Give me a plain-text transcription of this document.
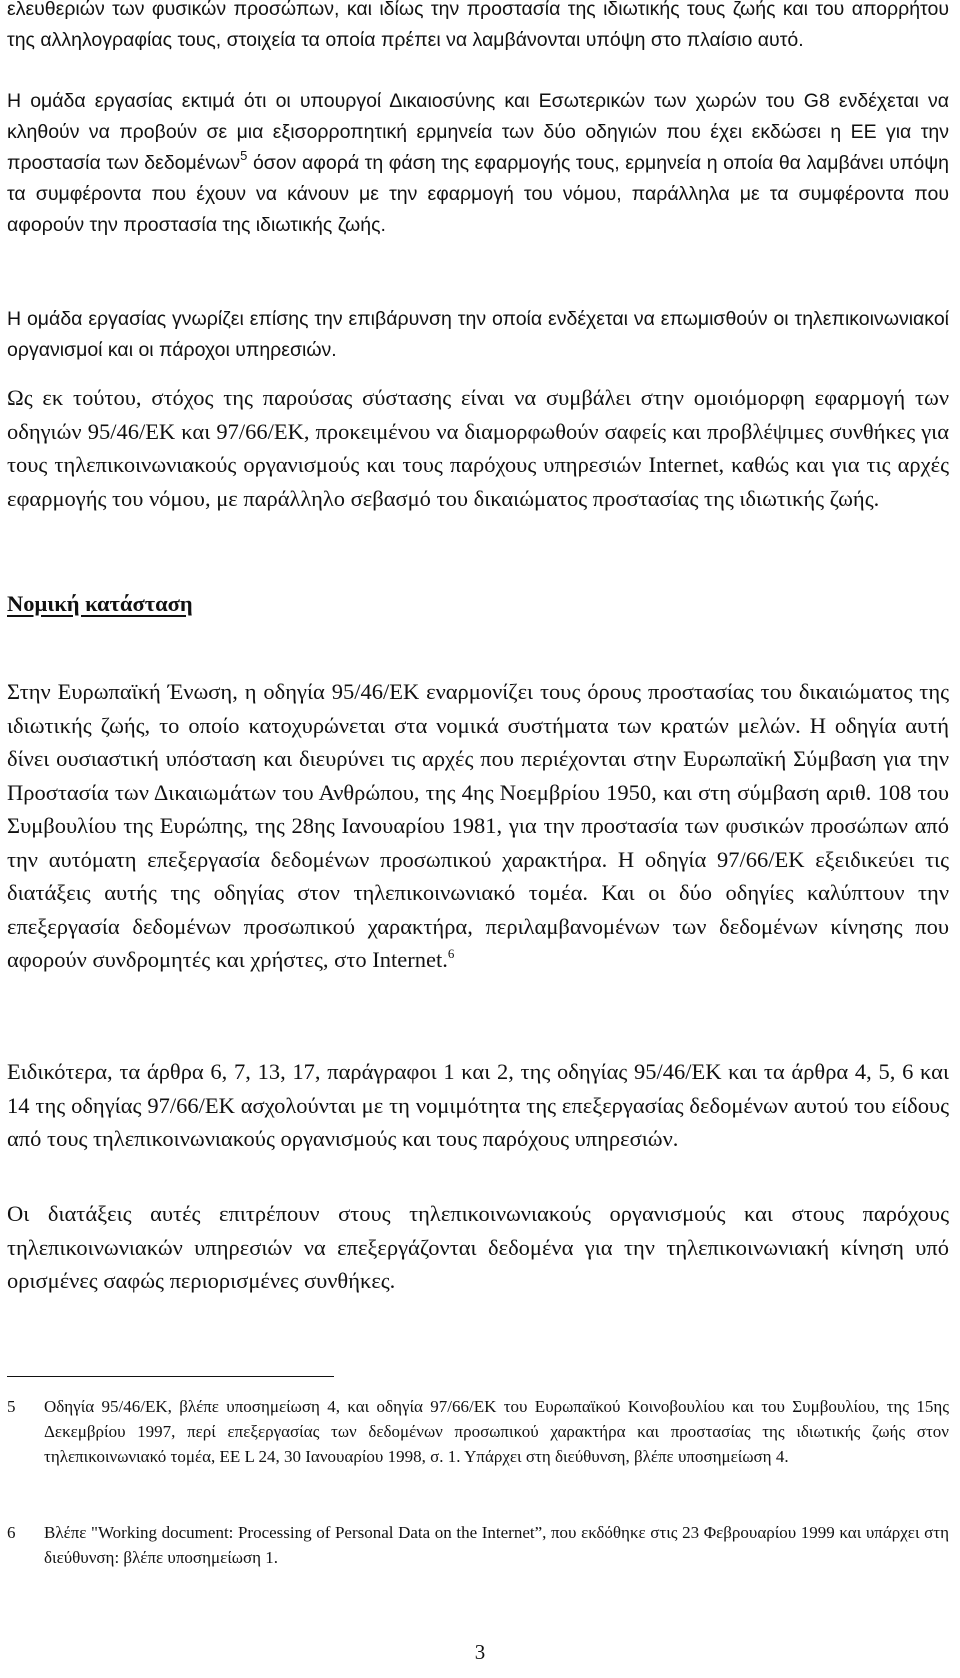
ελευθεριών των φυσικών προσώπων, και ιδίως την προστασία της ιδιωτικής τους ζωής και του απορρήτου της αλληλογραφίας τους, στοιχεία τα οποία πρέπει να λαμβάνονται υπόψη στο πλαίσιο αυτό.

Η ομάδα εργασίας εκτιμά ότι οι υπουργοί Δικαιοσύνης και Εσωτερικών των χωρών του G8 ενδέχεται να κληθούν να προβούν σε μια εξισορροπητική ερμηνεία των δύο οδηγιών που έχει εκδώσει η ΕΕ για την προστασία των δεδομένων$^5$ όσον αφορά τη φάση της εφαρμογής τους, ερμηνεία η οποία θα λαμβάνει υπόψη τα συμφέροντα που έχουν να κάνουν με την εφαρμογή του νόμου, παράλληλα με τα συμφέροντα που αφορούν την προστασία της ιδιωτικής ζωής.

Η ομάδα εργασίας γνωρίζει επίσης την επιβάρυνση την οποία ενδέχεται να επωμισθούν οι τηλεπικοινωνιακοί οργανισμοί και οι πάροχοι υπηρεσιών.

Ως εκ τούτου, στόχος της παρούσας σύστασης είναι να συμβάλει στην ομοιόμορφη εφαρμογή των οδηγιών 95/46/ΕΚ και 97/66/ΕΚ, προκειμένου να διαμορφωθούν σαφείς και προβλέψιμες συνθήκες για τους τηλεπικοινωνιακούς οργανισμούς και τους παρόχους υπηρεσιών Internet, καθώς και για τις αρχές εφαρμογής του νόμου, με παράλληλο σεβασμό του δικαιώματος προστασίας της ιδιωτικής ζωής.

Νομική κατάσταση

Στην Ευρωπαϊκή Ένωση, η οδηγία 95/46/ΕΚ εναρμονίζει τους όρους προστασίας του δικαιώματος της ιδιωτικής ζωής, το οποίο κατοχυρώνεται στα νομικά συστήματα των κρατών μελών. Η οδηγία αυτή δίνει ουσιαστική υπόσταση και διευρύνει τις αρχές που περιέχονται στην Ευρωπαϊκή Σύμβαση για την Προστασία των Δικαιωμάτων του Ανθρώπου, της 4ης Νοεμβρίου 1950, και στη σύμβαση αριθ. 108 του Συμβουλίου της Ευρώπης, της 28ης Ιανουαρίου 1981, για την προστασία των φυσικών προσώπων από την αυτόματη επεξεργασία δεδομένων προσωπικού χαρακτήρα. Η οδηγία 97/66/ΕΚ εξειδικεύει τις διατάξεις αυτής της οδηγίας στον τηλεπικοινωνιακό τομέα. Και οι δύο οδηγίες καλύπτουν την επεξεργασία δεδομένων προσωπικού χαρακτήρα, περιλαμβανομένων των δεδομένων κίνησης που αφορούν συνδρομητές και χρήστες, στο Internet.$^6$

Ειδικότερα, τα άρθρα 6, 7, 13, 17, παράγραφοι 1 και 2, της οδηγίας 95/46/ΕΚ και τα άρθρα 4, 5, 6 και 14 της οδηγίας 97/66/ΕΚ ασχολούνται με τη νομιμότητα της επεξεργασίας δεδομένων αυτού του είδους από τους τηλεπικοινωνιακούς οργανισμούς και τους παρόχους υπηρεσιών.

Οι διατάξεις αυτές επιτρέπουν στους τηλεπικοινωνιακούς οργανισμούς και στους παρόχους τηλεπικοινωνιακών υπηρεσιών να επεξεργάζονται δεδομένα για την τηλεπικοινωνιακή κίνηση υπό ορισμένες σαφώς περιορισμένες συνθήκες.

5 Οδηγία 95/46/ΕΚ, βλέπε υποσημείωση 4, και οδηγία 97/66/ΕΚ του Ευρωπαϊκού Κοινοβουλίου και του Συμβουλίου, της 15ης Δεκεμβρίου 1997, περί επεξεργασίας των δεδομένων προσωπικού χαρακτήρα και προστασίας της ιδιωτικής ζωής στον τηλεπικοινωνιακό τομέα, ΕΕ L 24, 30 Ιανουαρίου 1998, σ. 1. Υπάρχει στη διεύθυνση, βλέπε υποσημείωση 4.
6 Βλέπε "Working document: Processing of Personal Data on the Internet”, που εκδόθηκε στις 23 Φεβρουαρίου 1999 και υπάρχει στη διεύθυνση: βλέπε υποσημείωση 1.
3
